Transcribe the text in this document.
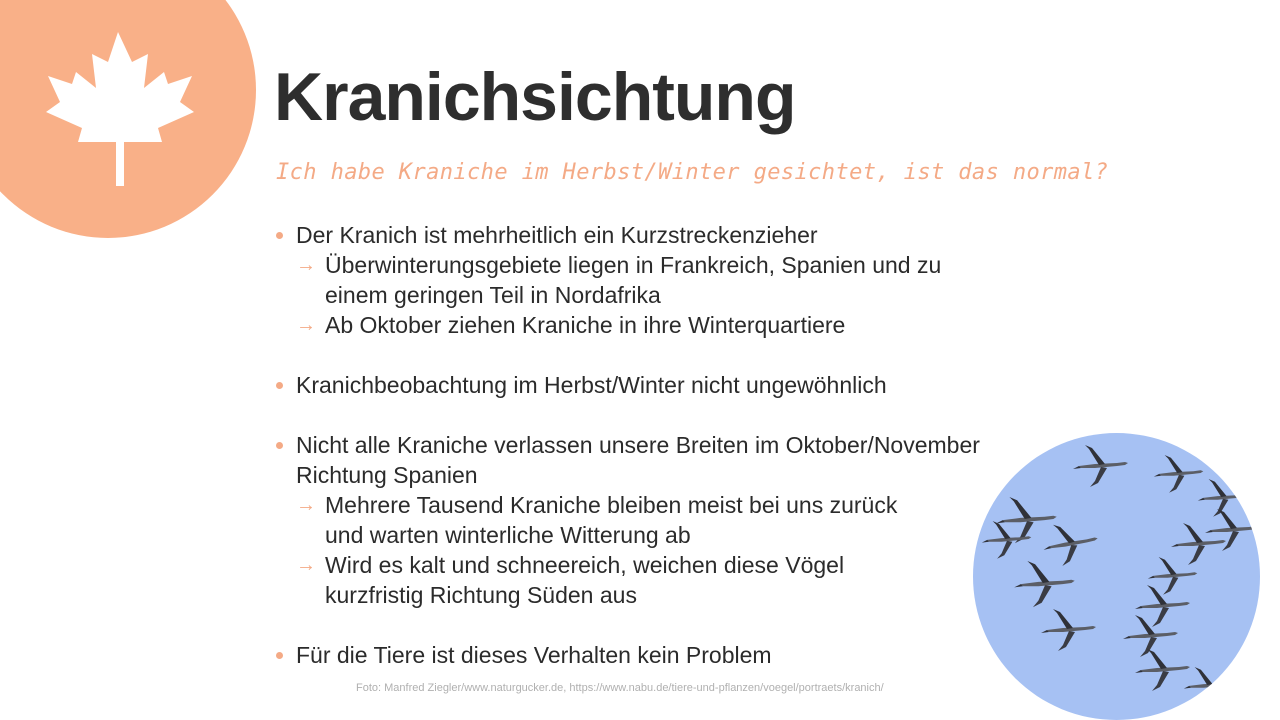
Kranichsichtung

Ich habe Kraniche im Herbst/Winter gesichtet, ist das normal?

Der Kranich ist mehrheitlich ein Kurzstreckenzieher
→ Überwinterungsgebiete liegen in Frankreich, Spanien und zu
einem geringen Teil in Nordafrika
→ Ab Oktober ziehen Kraniche in ihre Winterquartiere
Kranichbeobachtung im Herbst/Winter nicht ungewöhnlich
Nicht alle Kraniche verlassen unsere Breiten im Oktober/November
Richtung Spanien
→ Mehrere Tausend Kraniche bleiben meist bei uns zurück
und warten winterliche Witterung ab
→ Wird es kalt und schneereich, weichen diese Vögel
kurzfristig Richtung Süden aus
Für die Tiere ist dieses Verhalten kein Problem
Foto: Manfred Ziegler/www.naturgucker.de, https://www.nabu.de/tiere-und-pflanzen/voegel/portraets/kranich/
